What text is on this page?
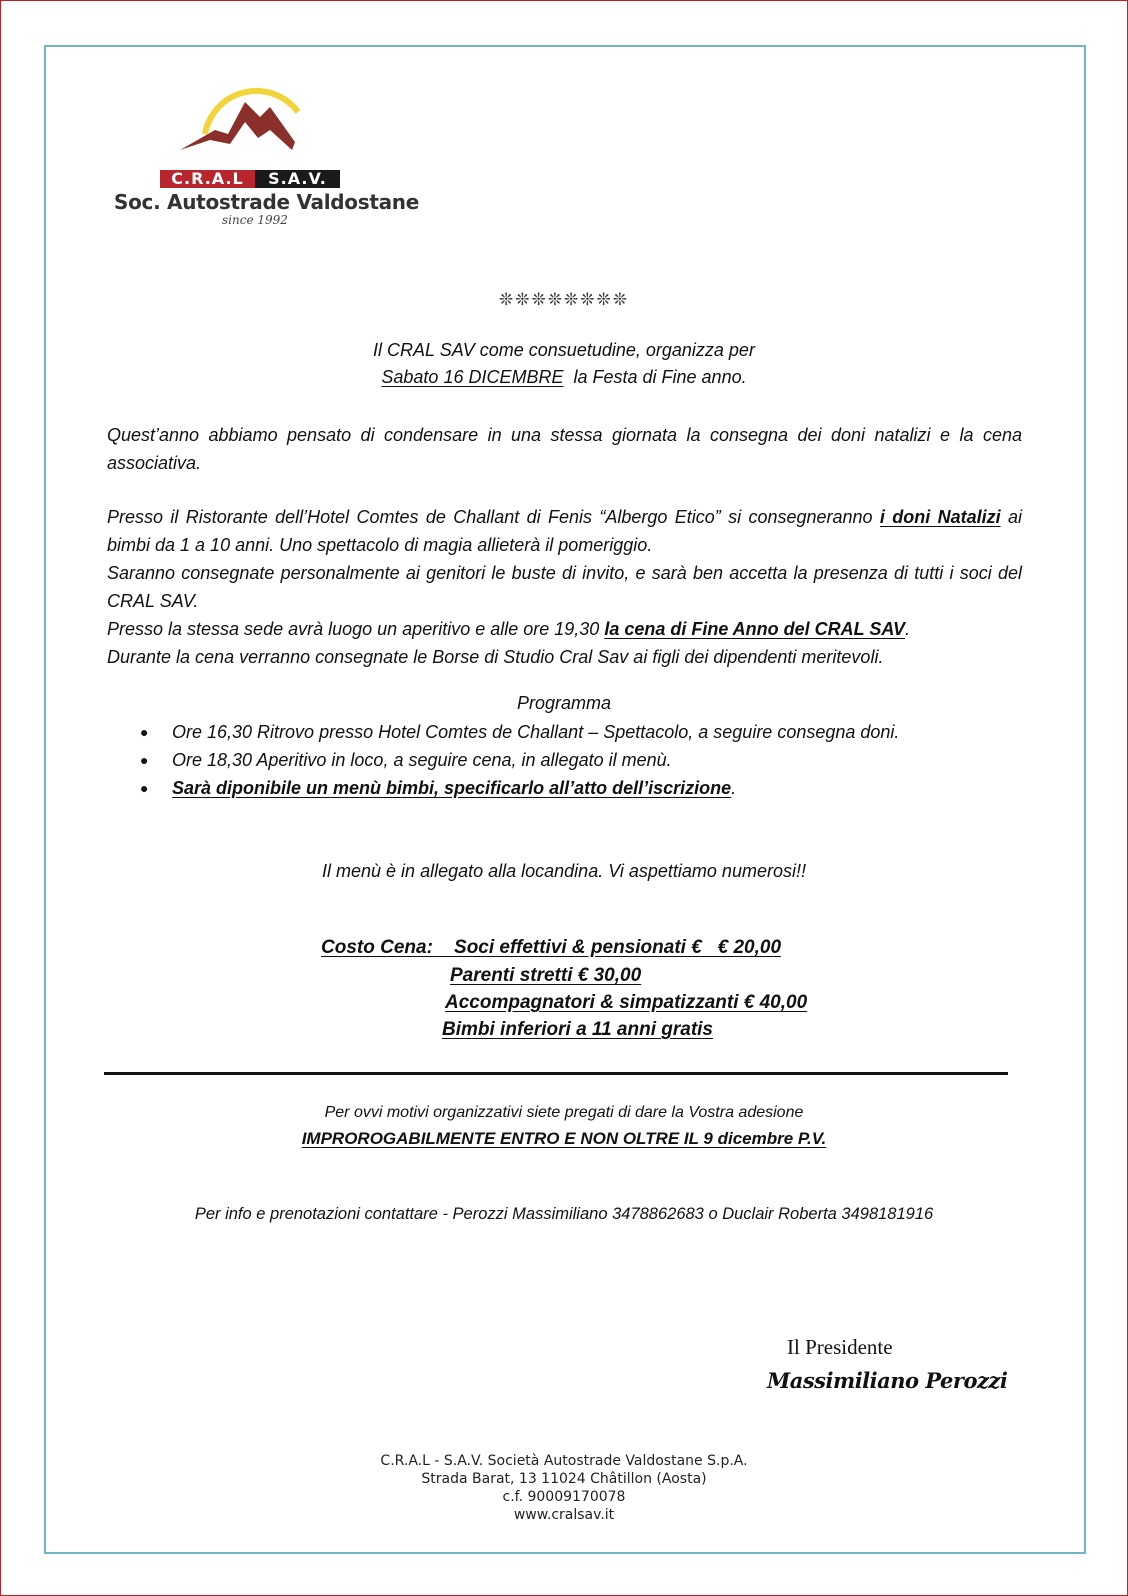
C.R.A.L	S.A.V.
Soc. Autostrade Valdostane
since 1992
❊❊❊❊❊❊❊❊
Il CRAL SAV come consuetudine, organizza per
Sabato 16 DICEMBRE  la Festa di Fine anno.

Quest’anno abbiamo pensato di condensare in una stessa giornata la consegna dei doni natalizi e la cena associativa.

Presso il Ristorante dell’Hotel Comtes de Challant di Fenis “Albergo Etico” si consegneranno i doni Natalizi ai bimbi da 1 a 10 anni. Uno spettacolo di magia allieterà il pomeriggio.

Saranno consegnate personalmente ai genitori le buste di invito, e sarà ben accetta la presenza di tutti i soci del CRAL SAV.

Presso la stessa sede avrà luogo un aperitivo e alle ore 19,30 la cena di Fine Anno del CRAL SAV.

Durante la cena verranno consegnate le Borse di Studio Cral Sav ai figli dei dipendenti meritevoli.

Programma
●	Ore 16,30 Ritrovo presso Hotel Comtes de Challant – Spettacolo, a seguire consegna doni.
●	Ore 18,30 Aperitivo in loco, a seguire cena, in allegato il menù.
●	Sarà diponibile un menù bimbi, specificarlo all’atto dell’iscrizione .
Il menù è in allegato alla locandina. Vi aspettiamo numerosi!!
Costo Cena: Soci effettivi & pensionati €   € 20,00
Parenti stretti € 30,00
Accompagnatori & simpatizzanti € 40,00
Bimbi inferiori a 11 anni gratis
Per ovvi motivi organizzativi siete pregati di dare la Vostra adesione
IMPROROGABILMENTE ENTRO E NON OLTRE IL 9 dicembre P.V.
Per info e prenotazioni contattare - Perozzi Massimiliano 3478862683 o Duclair Roberta 3498181916
Il Presidente
Massimiliano Perozzi
C.R.A.L - S.A.V. Società Autostrade Valdostane S.p.A.
Strada Barat, 13 11024 Châtillon (Aosta)
c.f. 90009170078
www.cralsav.it
